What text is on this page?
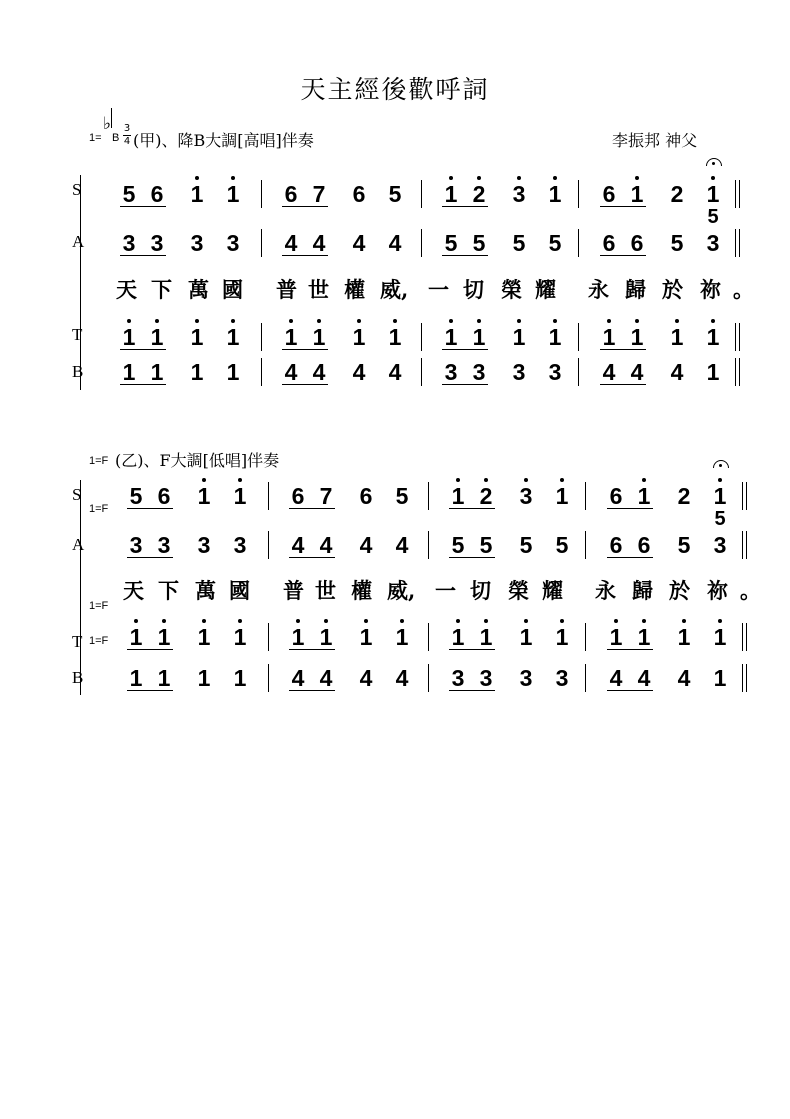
天主經後歡呼詞
1=
♭
B
3
4 (甲)、降B大調[高唱]伴奏	李振邦 神父
1=F (乙)、F大調[低唱]伴奏
1=F
1=F
1=F
S
A
T
B
S
A
T
B
5 6 1 1 6 7 6 5 1 2 3 1 6 1 2 1
3 3 3 3 4 4 4 4 5 5 5 5 6 6 5 3
1 1 1 1 1 1 1 1 1 1 1 1 1 1 1 1
1 1 1 1 4 4 4 4 3 3 3 3 4 4 4 1
5
天 下 萬 國 普 世 權 威, 一 切 榮 耀 永 歸 於 祢 。
5 6 1 1 6 7 6 5 1 2 3 1 6 1 2 1
3 3 3 3 4 4 4 4 5 5 5 5 6 6 5 3
1 1 1 1 1 1 1 1 1 1 1 1 1 1 1 1
1 1 1 1 4 4 4 4 3 3 3 3 4 4 4 1
5
天 下 萬 國 普 世 權 威, 一 切 榮 耀 永 歸 於 祢 。
